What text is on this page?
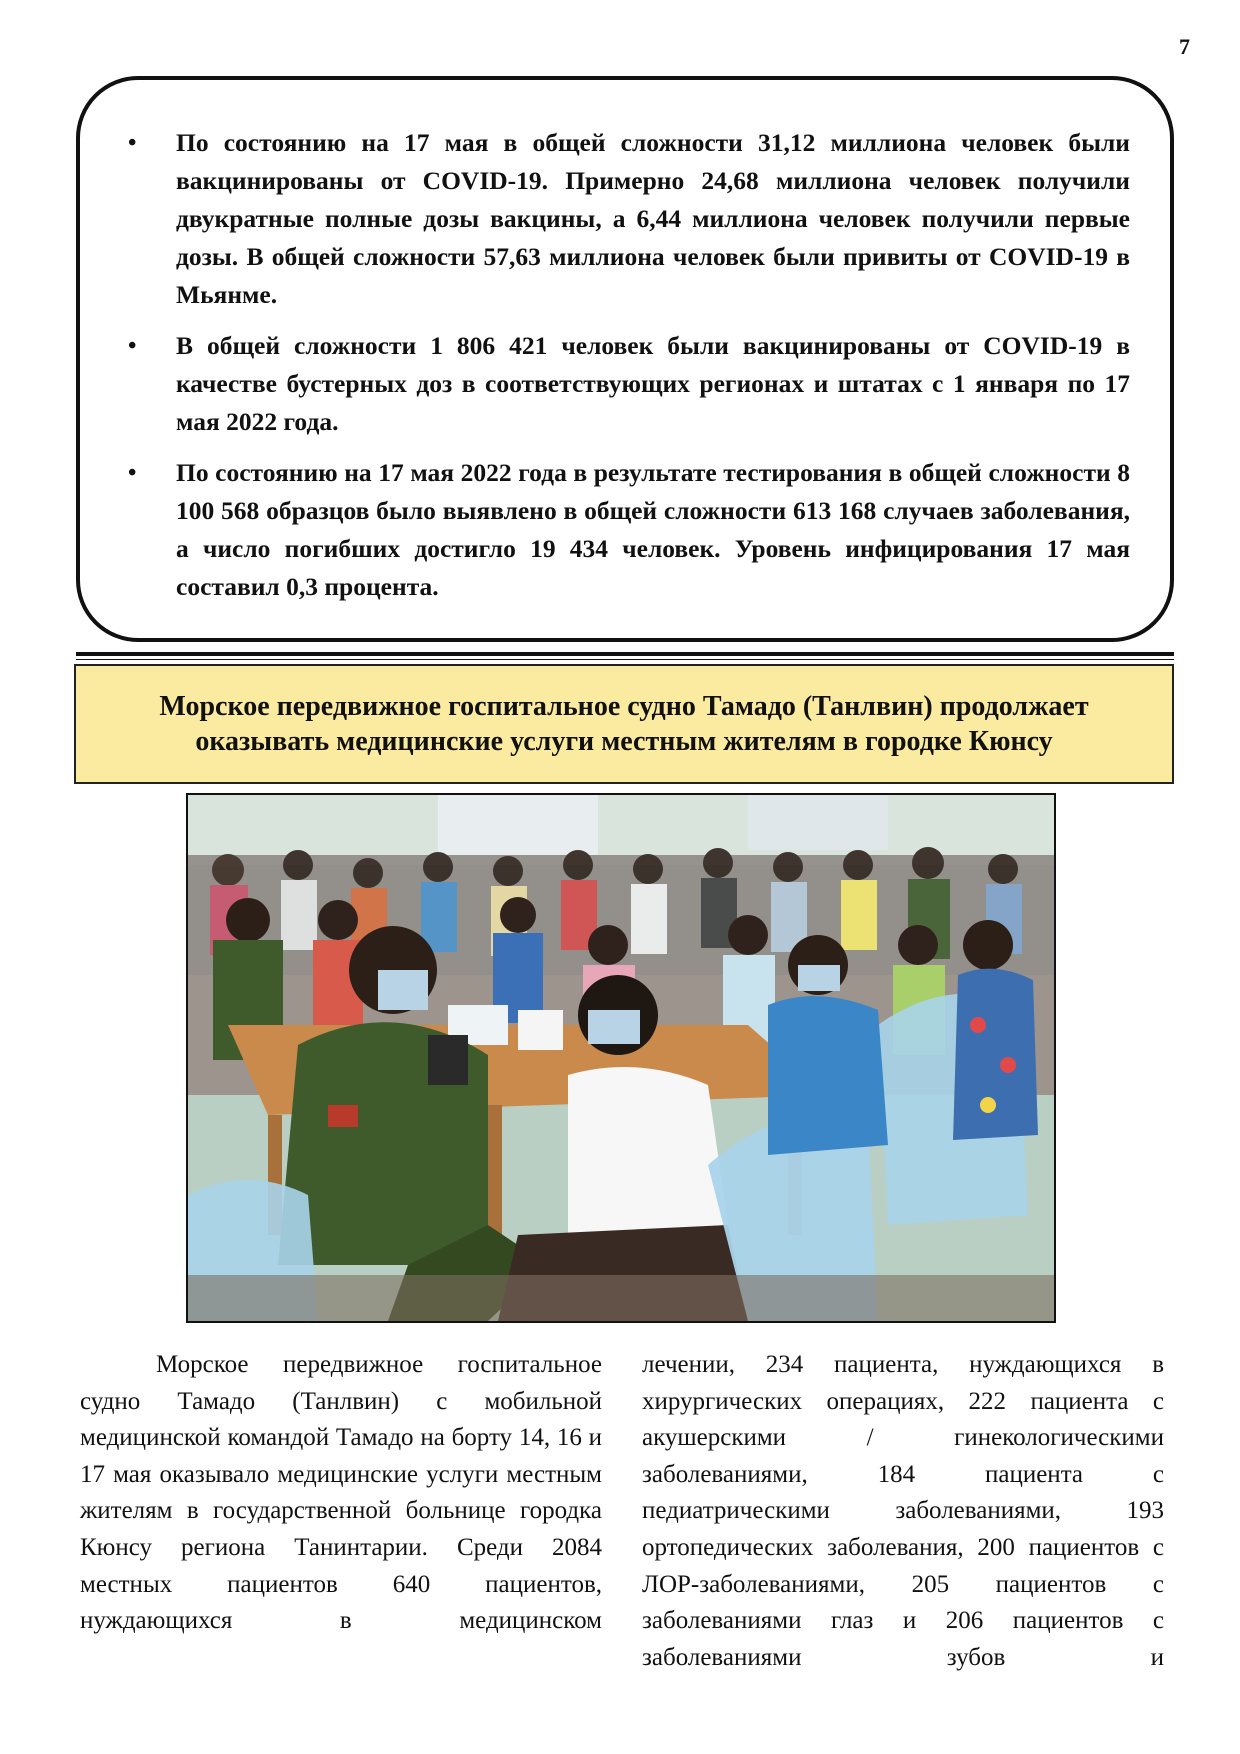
7
• По состоянию на 17 мая в общей сложности 31,12 миллиона человек были вакцинированы от COVID-19. Примерно 24,68 миллиона человек получили двукратные полные дозы вакцины, а 6,44 миллиона человек получили первые дозы. В общей сложности 57,63 миллиона человек были привиты от COVID-19 в Мьянме.
• В общей сложности 1 806 421 человек были вакцинированы от COVID-19 в качестве бустерных доз в соответствующих регионах и штатах с 1 января по 17 мая 2022 года.
• По состоянию на 17 мая 2022 года в результате тестирования в общей сложности 8 100 568 образцов было выявлено в общей сложности 613 168 случаев заболевания, а число погибших достигло 19 434 человек. Уровень инфицирования 17 мая составил 0,3 процента.
Морское передвижное госпитальное судно Тамадо (Танлвин) продолжает оказывать медицинские услуги местным жителям в городке Кюнсу

Морское передвижное госпитальное судно Тамадо (Танлвин) с мобильной медицинской командой Тамадо на борту 14, 16 и 17 мая оказывало медицинские услуги местным жителям в государственной больнице городка Кюнсу региона Танинтарии. Среди 2084 местных пациентов 640 пациентов, нуждающихся в медицинском

лечении, 234 пациента, нуждающихся в хирургических операциях, 222 пациента с акушерскими / гинекологическими заболеваниями, 184 пациента с педиатрическими заболеваниями, 193 ортопедических заболевания, 200 пациентов с ЛОР-заболеваниями, 205 пациентов с заболеваниями глаз и 206 пациентов с заболеваниями зубов и
